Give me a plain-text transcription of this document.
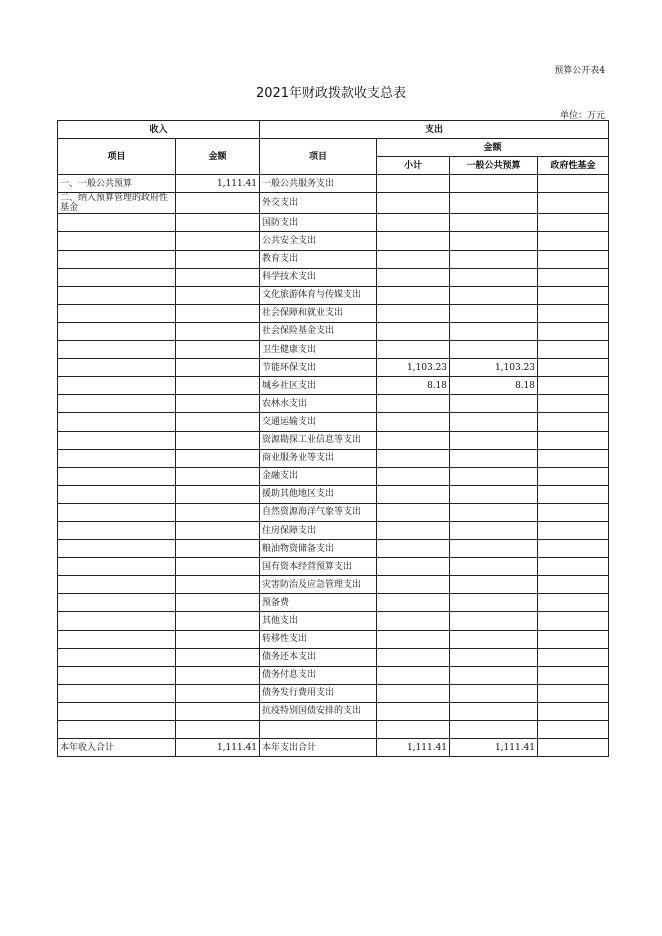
预算公开表4
2021年财政拨款收支总表
单位：万元
收入		支出			
项目	金额	项目	金额		
			小计	一般公共预算	政府性基金
一、一般公共预算	1,111.41	一般公共服务支出			
二、纳入预算管理的政府性基金		外交支出			
		国防支出			
		公共安全支出			
		教育支出			
		科学技术支出			
		文化旅游体育与传媒支出			
		社会保障和就业支出			
		社会保险基金支出			
		卫生健康支出			
		节能环保支出	1,103.23	1,103.23	
		城乡社区支出	8.18	8.18	
		农林水支出			
		交通运输支出			
		资源勘探工业信息等支出			
		商业服务业等支出			
		金融支出			
		援助其他地区支出			
		自然资源海洋气象等支出			
		住房保障支出			
		粮油物资储备支出			
		国有资本经营预算支出			
		灾害防治及应急管理支出			
		预备费			
		其他支出			
		转移性支出			
		债务还本支出			
		债务付息支出			
		债务发行费用支出			
		抗疫特别国债安排的支出			

本年收入合计	1,111.41	本年支出合计	1,111.41	1,111.41	
